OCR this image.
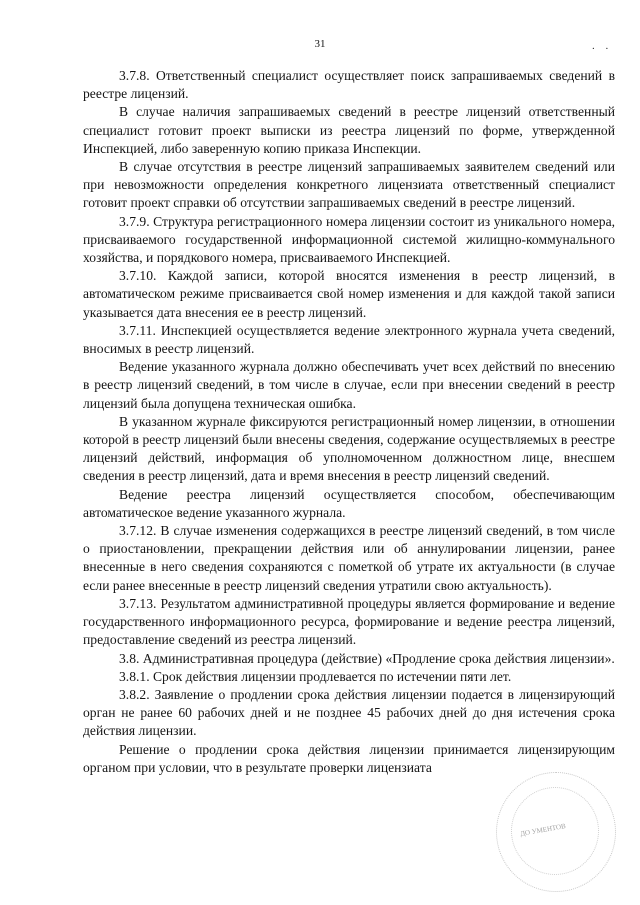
31	. .

3.7.8. Ответственный специалист осуществляет поиск запрашиваемых сведений в реестре лицензий.

В случае наличия запрашиваемых сведений в реестре лицензий ответственный специалист готовит проект выписки из реестра лицензий по форме, утвержденной Инспекцией, либо заверенную копию приказа Инспекции.

В случае отсутствия в реестре лицензий запрашиваемых заявителем сведений или при невозможности определения конкретного лицензиата ответственный специалист готовит проект справки об отсутствии запрашиваемых сведений в реестре лицензий.

3.7.9. Структура регистрационного номера лицензии состоит из уникального номера, присваиваемого государственной информационной системой жилищно-коммунального хозяйства, и порядкового номера, присваиваемого Инспекцией.

3.7.10. Каждой записи, которой вносятся изменения в реестр лицензий, в автоматическом режиме присваивается свой номер изменения и для каждой такой записи указывается дата внесения ее в реестр лицензий.

3.7.11. Инспекцией осуществляется ведение электронного журнала учета сведений, вносимых в реестр лицензий.

Ведение указанного журнала должно обеспечивать учет всех действий по внесению в реестр лицензий сведений, в том числе в случае, если при внесении сведений в реестр лицензий была допущена техническая ошибка.

В указанном журнале фиксируются регистрационный номер лицензии, в отношении которой в реестр лицензий были внесены сведения, содержание осуществляемых в реестре лицензий действий, информация об уполномоченном должностном лице, внесшем сведения в реестр лицензий, дата и время внесения в реестр лицензий сведений.

Ведение реестра лицензий осуществляется способом, обеспечивающим автоматическое ведение указанного журнала.

3.7.12. В случае изменения содержащихся в реестре лицензий сведений, в том числе о приостановлении, прекращении действия или об аннулировании лицензии, ранее внесенные в него сведения сохраняются с пометкой об утрате их актуальности (в случае если ранее внесенные в реестр лицензий сведения утратили свою актуальность).

3.7.13. Результатом административной процедуры является формирование и ведение государственного информационного ресурса, формирование и ведение реестра лицензий, предоставление сведений из реестра лицензий.

3.8. Административная процедура (действие) «Продление срока действия лицензии».

3.8.1. Срок действия лицензии продлевается по истечении пяти лет.

3.8.2. Заявление о продлении срока действия лицензии подается в лицензирующий орган не ранее 60 рабочих дней и не позднее 45 рабочих дней до дня истечения срока действия лицензии.

Решение о продлении срока действия лицензии принимается лицензирующим органом при условии, что в результате проверки лицензиата

ДО УМЕНТОВ
